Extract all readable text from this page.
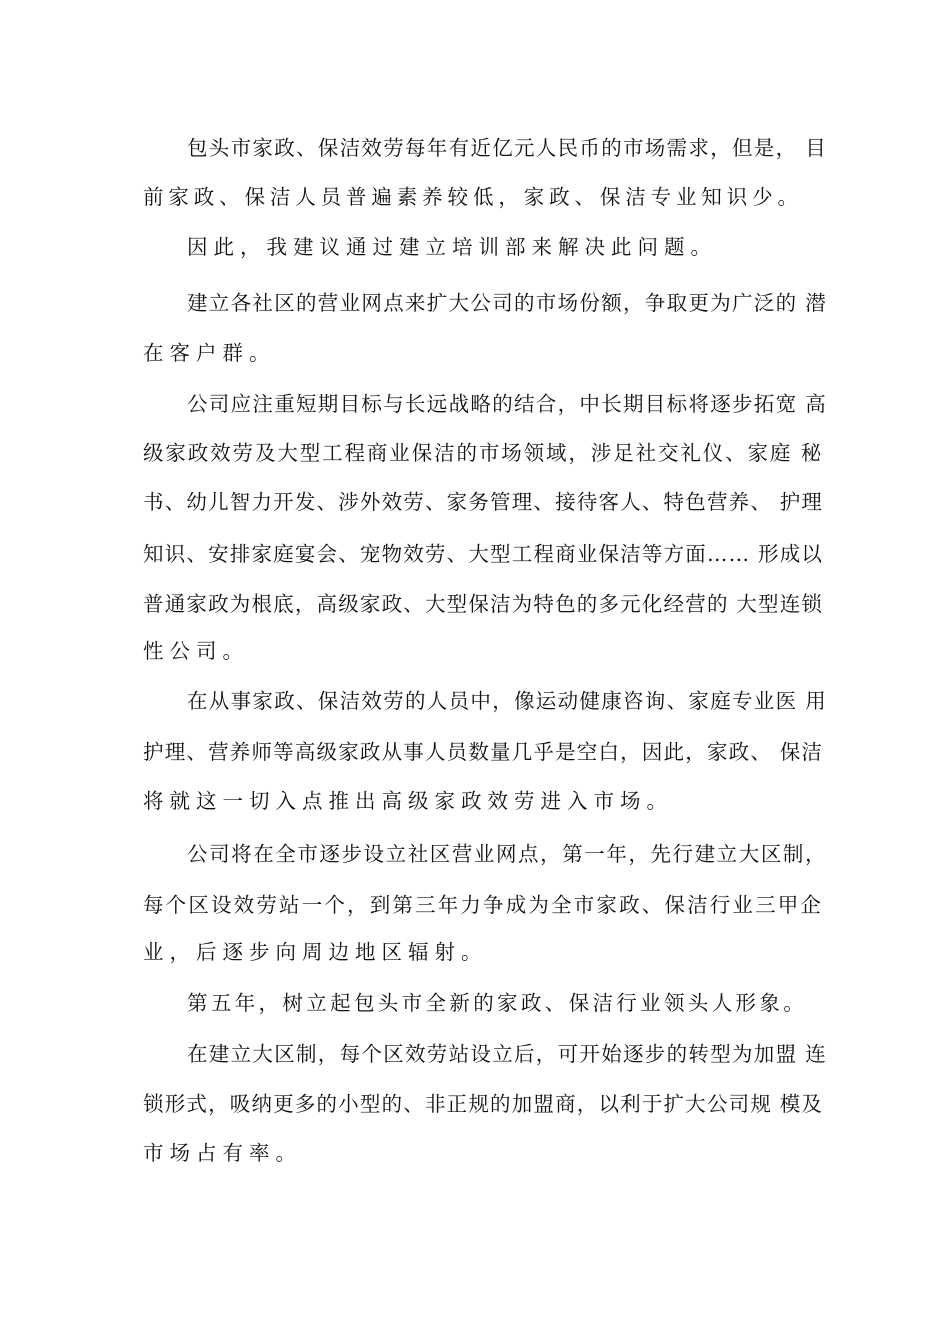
包头市家政、保洁效劳每年有近亿元人民币的市场需求，但是， 目
前家政、保洁人员普遍素养较低，家政、保洁专业知识少。
因此，我建议通过建立培训部来解决此问题。
建立各社区的营业网点来扩大公司的市场份额，争取更为广泛的 潜
在客户群。
公司应注重短期目标与长远战略的结合，中长期目标将逐步拓宽 高
级家政效劳及大型工程商业保洁的市场领域，涉足社交礼仪、家庭 秘
书、幼儿智力开发、涉外效劳、家务管理、接待客人、特色营养、 护理
知识、安排家庭宴会、宠物效劳、大型工程商业保洁等方面…… 形成以
普通家政为根底，高级家政、大型保洁为特色的多元化经营的 大型连锁
性公司。
在从事家政、保洁效劳的人员中，像运动健康咨询、家庭专业医 用
护理、营养师等高级家政从事人员数量几乎是空白，因此，家政、 保洁
将就这一切入点推出高级家政效劳进入市场。
公司将在全市逐步设立社区营业网点，第一年，先行建立大区制，
每个区设效劳站一个，到第三年力争成为全市家政、保洁行业三甲企
业，后逐步向周边地区辐射。
第五年，树立起包头市全新的家政、保洁行业领头人形象。
在建立大区制，每个区效劳站设立后，可开始逐步的转型为加盟 连
锁形式，吸纳更多的小型的、非正规的加盟商，以利于扩大公司规 模及
市场占有率。
